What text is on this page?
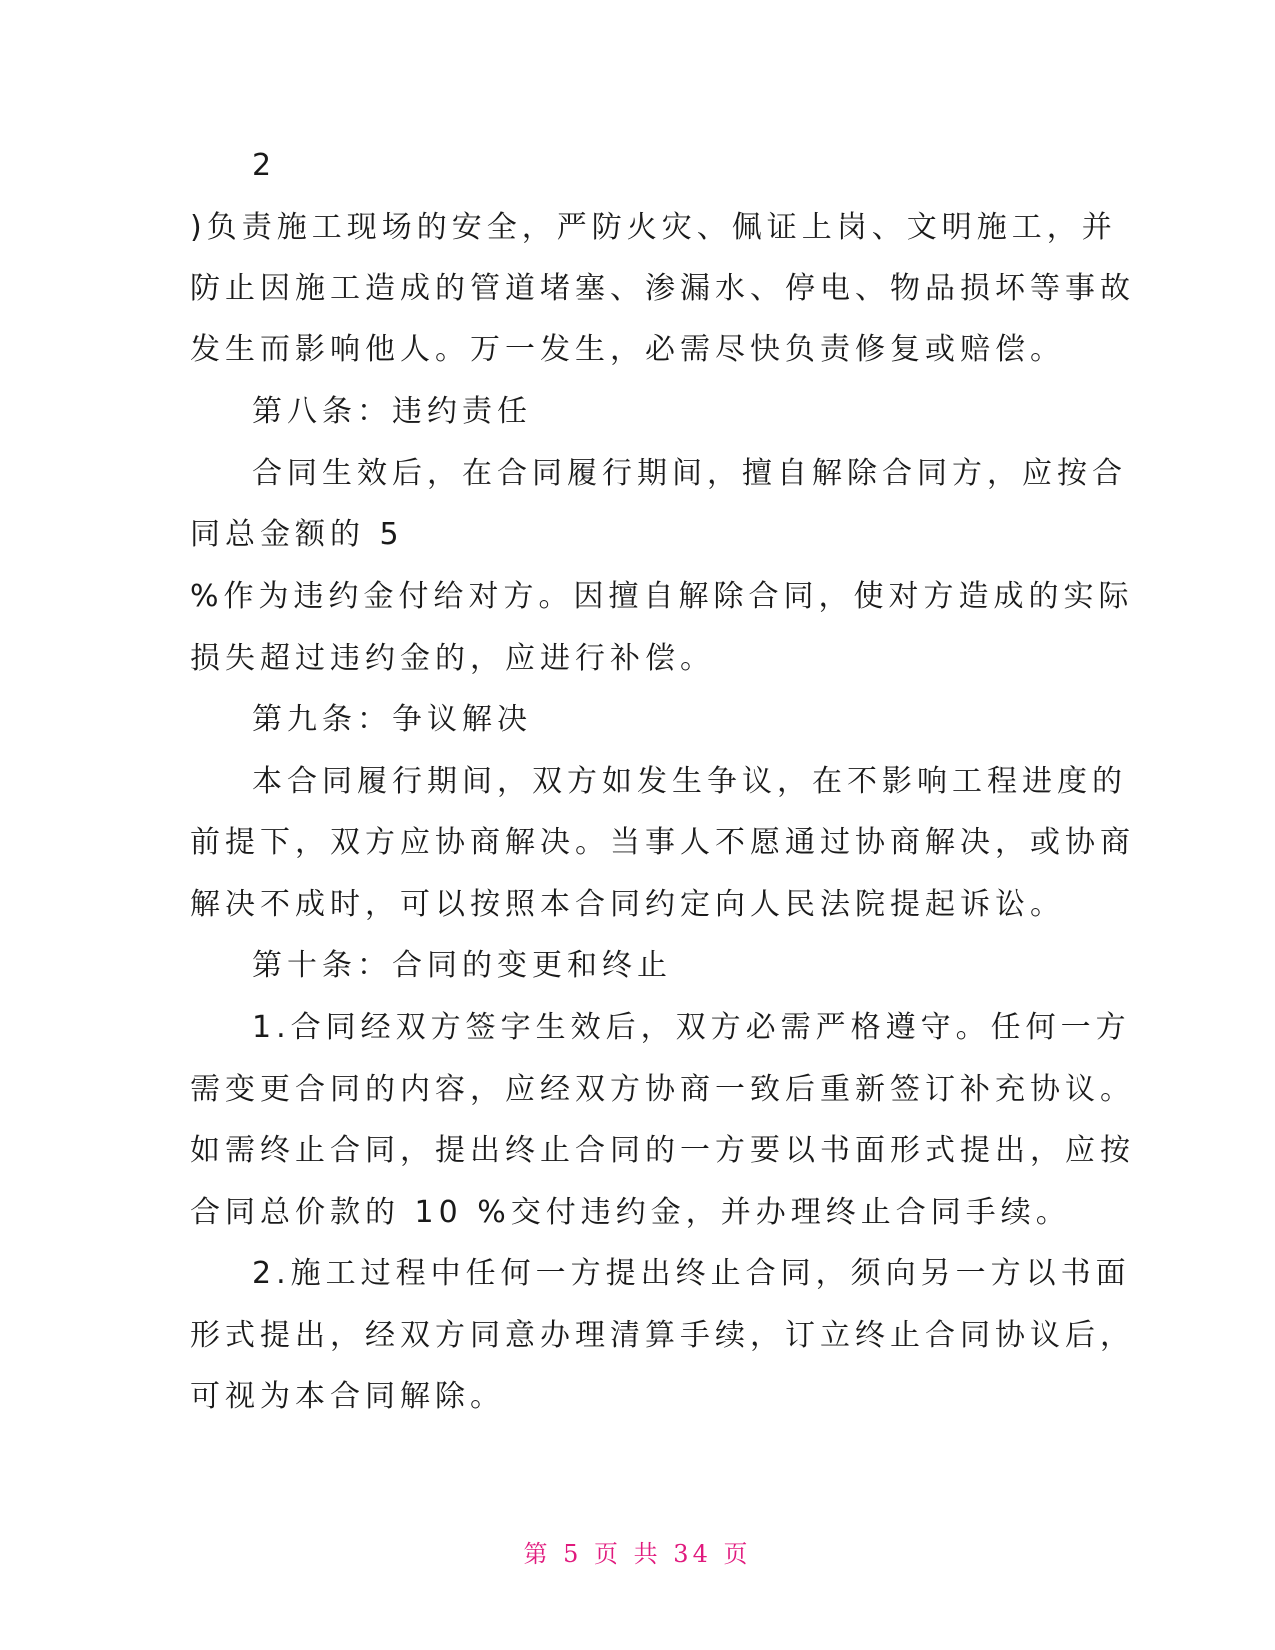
2
)负责施工现场的安全，严防火灾、佩证上岗、文明施工，并
防止因施工造成的管道堵塞、渗漏水、停电、物品损坏等事故
发生而影响他人。万一发生，必需尽快负责修复或赔偿。
第八条：违约责任
合同生效后，在合同履行期间，擅自解除合同方，应按合
同总金额的 5
%作为违约金付给对方。因擅自解除合同，使对方造成的实际
损失超过违约金的，应进行补偿。
第九条：争议解决
本合同履行期间，双方如发生争议，在不影响工程进度的
前提下，双方应协商解决。当事人不愿通过协商解决，或协商
解决不成时，可以按照本合同约定向人民法院提起诉讼。
第十条：合同的变更和终止
1.合同经双方签字生效后，双方必需严格遵守。任何一方
需变更合同的内容，应经双方协商一致后重新签订补充协议。
如需终止合同，提出终止合同的一方要以书面形式提出，应按
合同总价款的 10 %交付违约金，并办理终止合同手续。
2.施工过程中任何一方提出终止合同，须向另一方以书面
形式提出，经双方同意办理清算手续，订立终止合同协议后，
可视为本合同解除。
第 5 页 共 34 页
